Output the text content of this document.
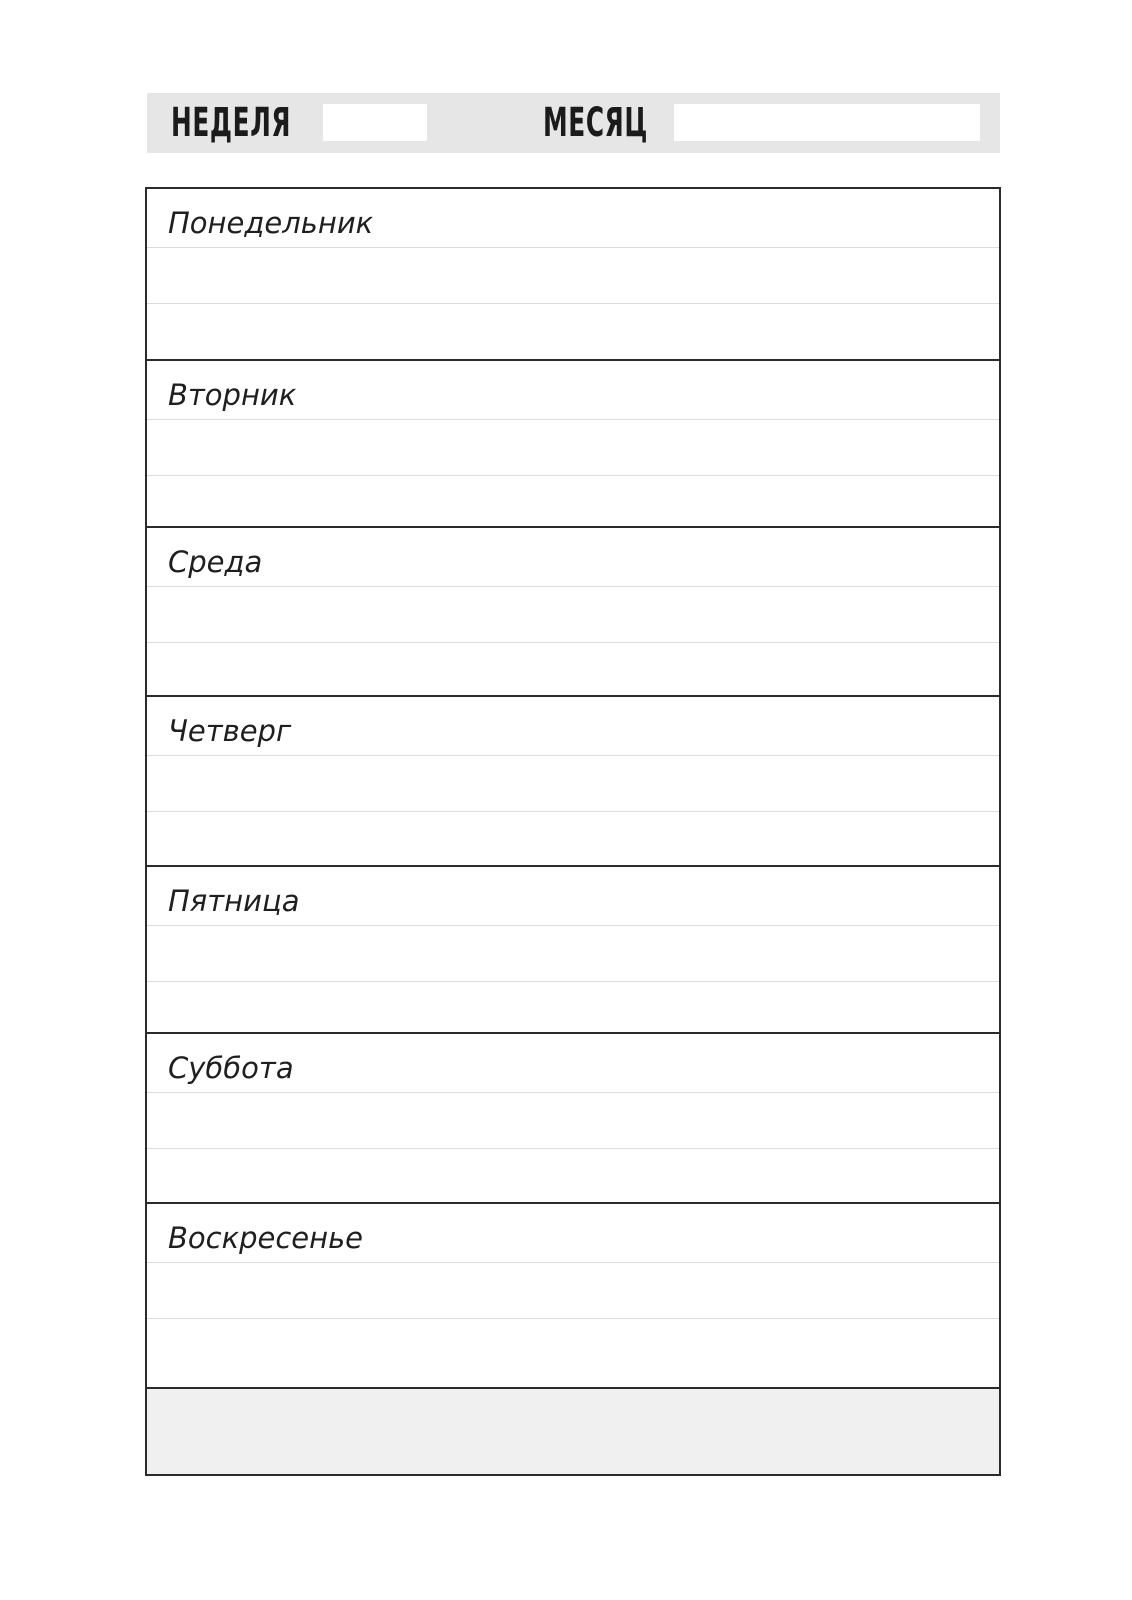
НЕДЕЛЯ	МЕСЯЦ
Понедельник
Вторник
Среда
Четверг
Пятница
Суббота
Воскресенье
